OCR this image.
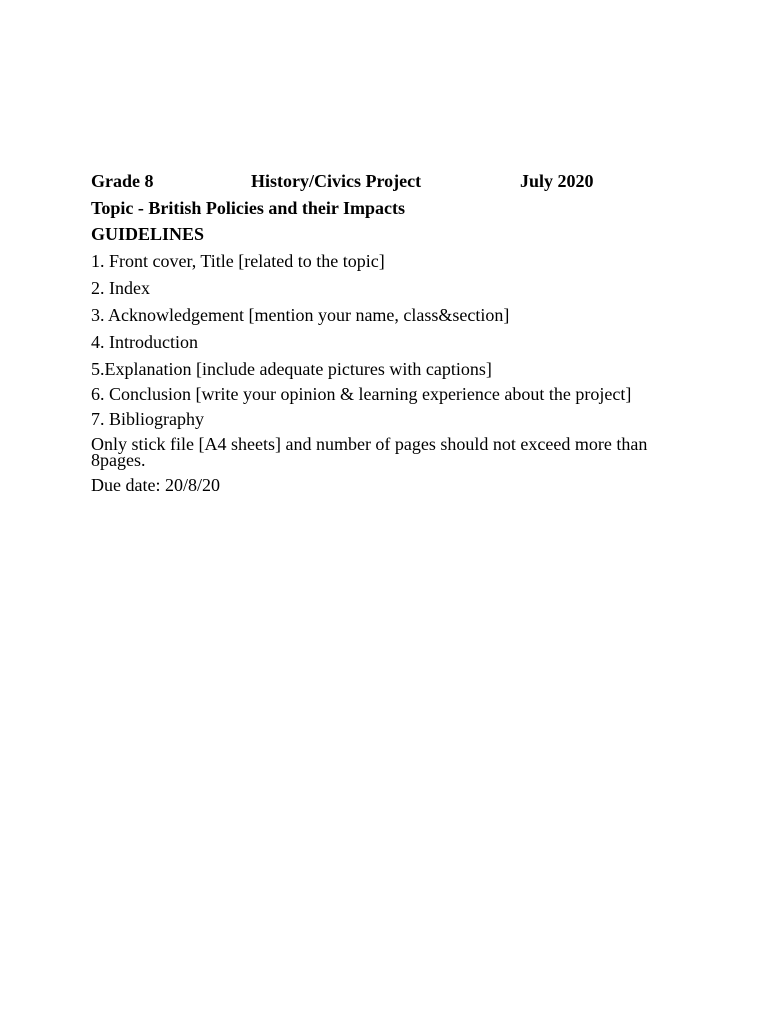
Grade 8	History/Civics Project	July 2020
Topic - British Policies and their Impacts
GUIDELINES
1. Front cover, Title [related to the topic]
2. Index
3. Acknowledgement [mention your name, class&section]
4. Introduction
5.Explanation [include adequate pictures with captions]
6. Conclusion [write your opinion & learning experience about the project]
7. Bibliography
Only stick file [A4 sheets] and number of pages should not exceed more than 8pages.
Due date: 20/8/20
